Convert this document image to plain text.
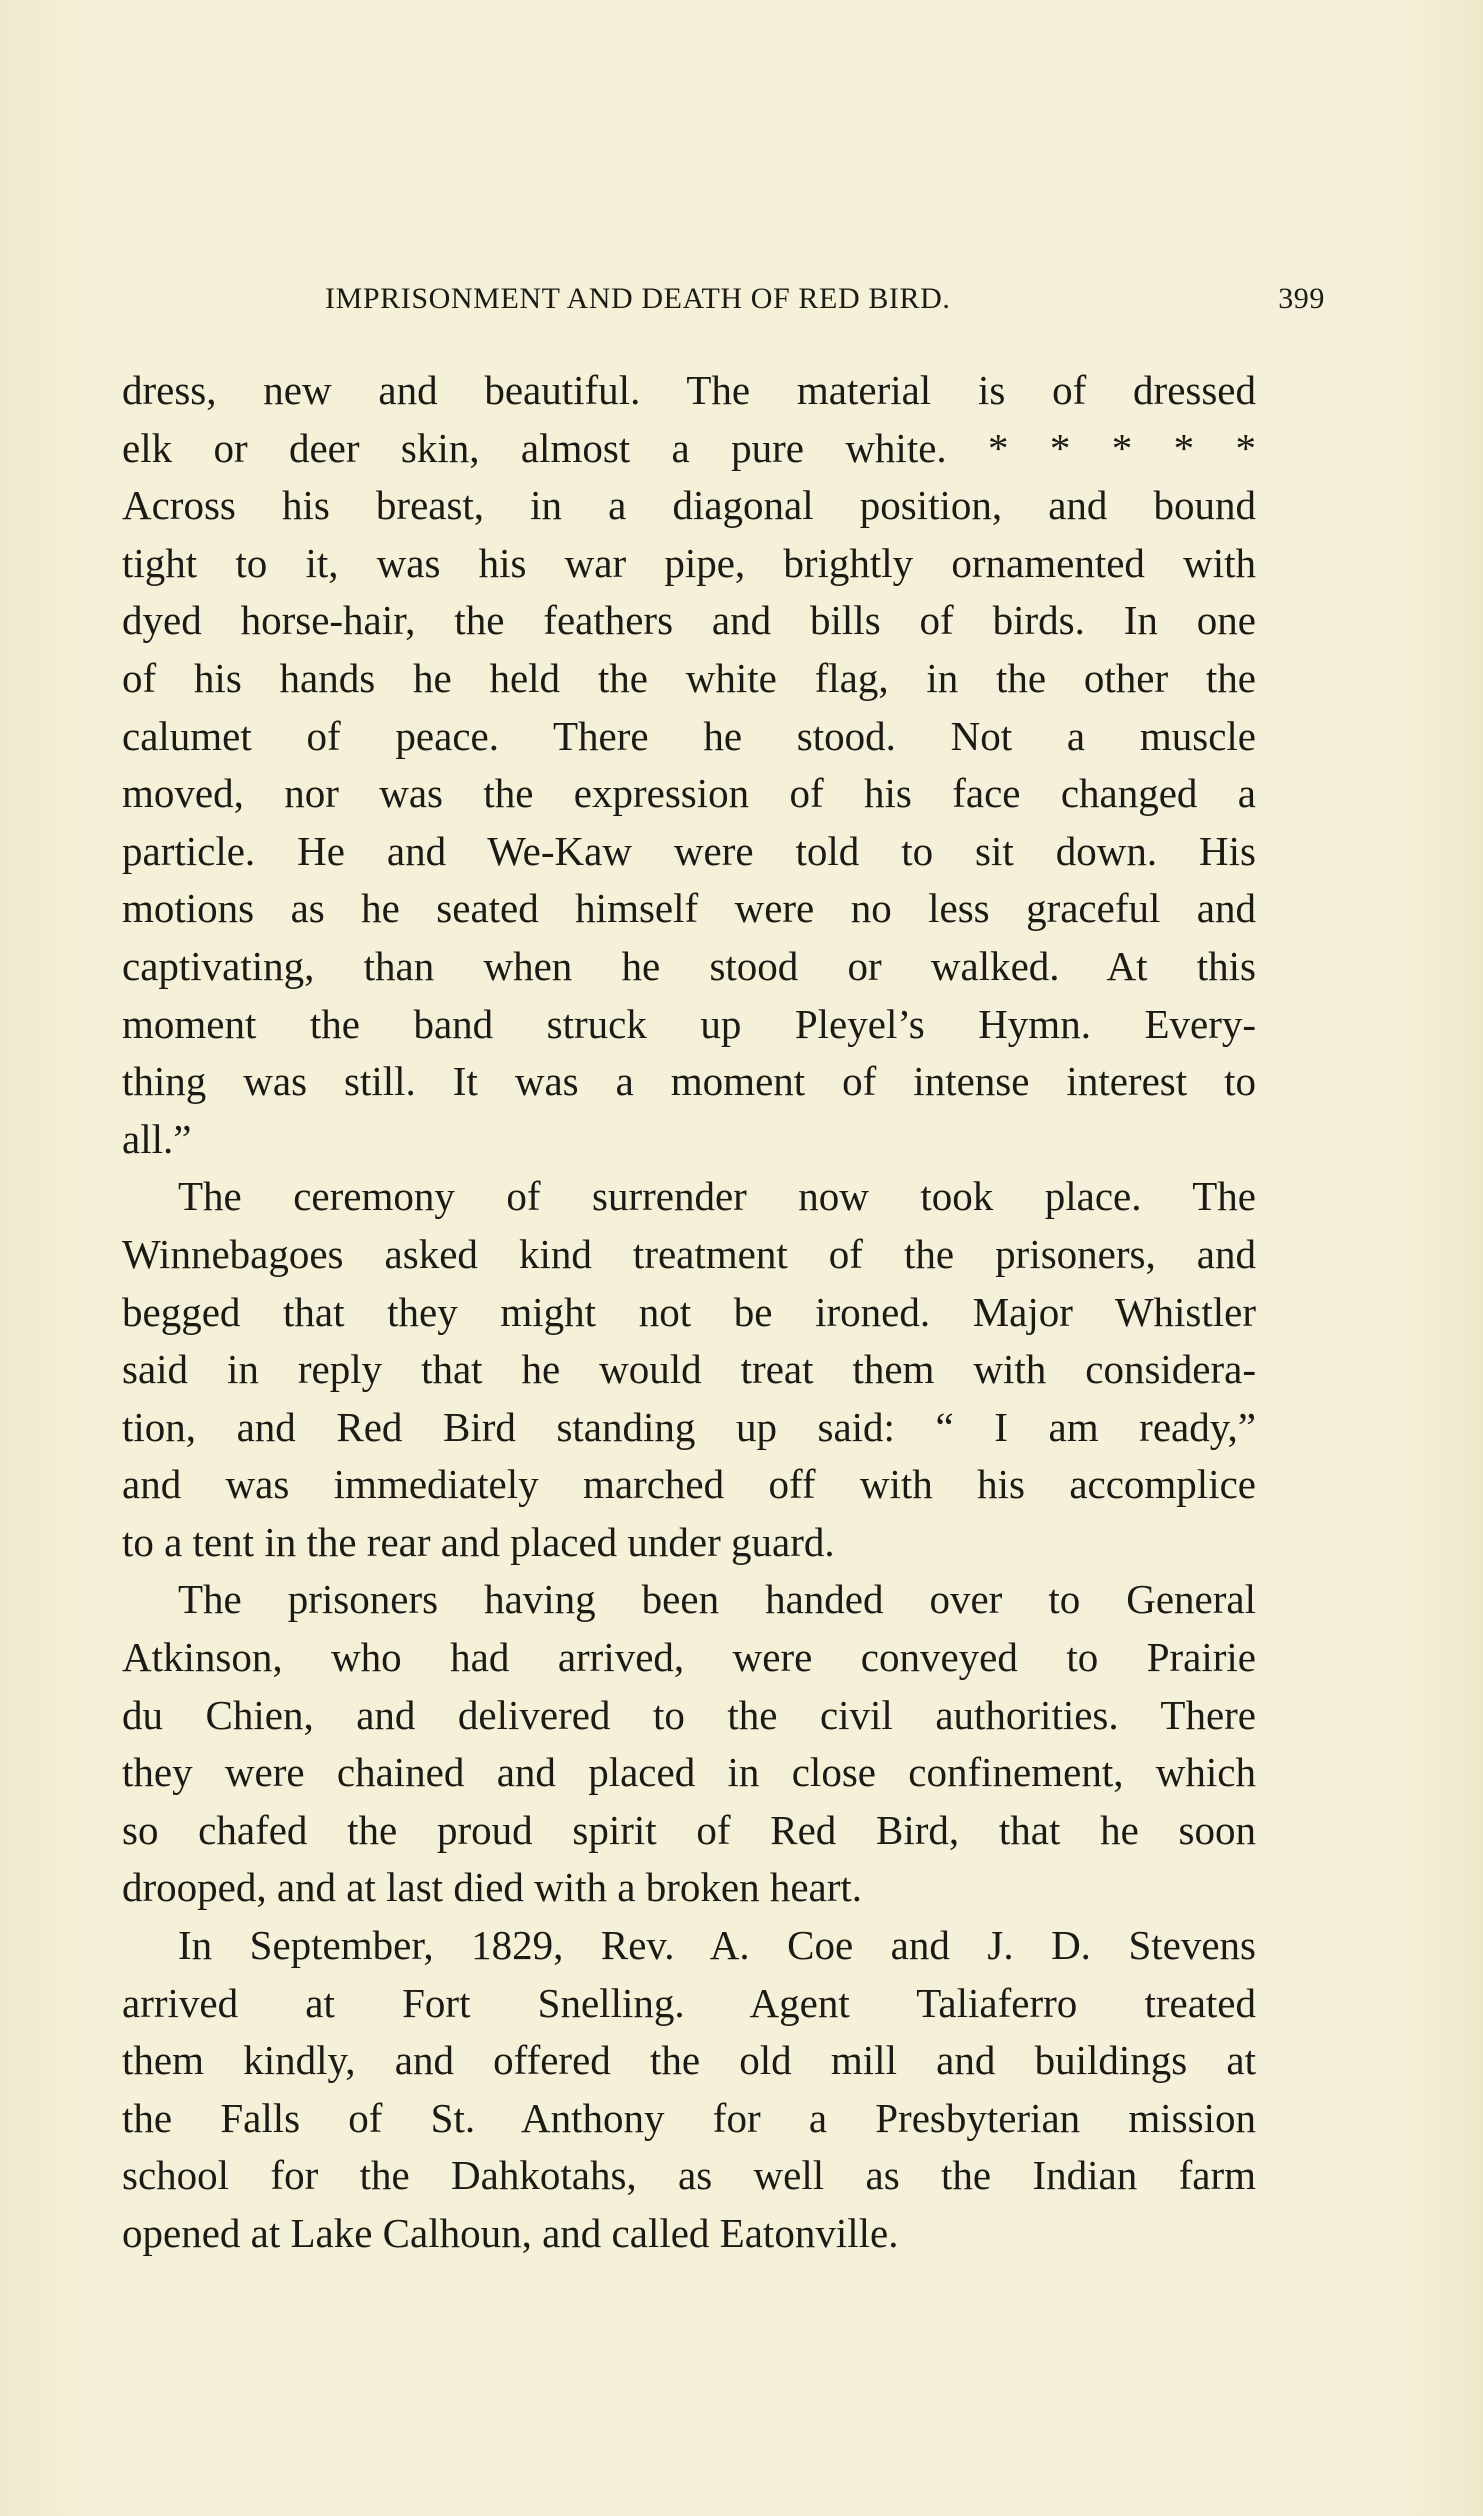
IMPRISONMENT AND DEATH OF RED BIRD.	399
dress, new and beautiful. The material is of dressed
elk or deer skin, almost a pure white. * * * * *
Across his breast, in a diagonal position, and bound
tight to it, was his war pipe, brightly ornamented with
dyed horse-hair, the feathers and bills of birds. In one
of his hands he held the white flag, in the other the
calumet of peace. There he stood. Not a muscle
moved, nor was the expression of his face changed a
particle. He and We-Kaw were told to sit down. His
motions as he seated himself were no less graceful and
captivating, than when he stood or walked. At this
moment the band struck up Pleyel’s Hymn. Every-
thing was still. It was a moment of intense interest to
all.”
The ceremony of surrender now took place. The
Winnebagoes asked kind treatment of the prisoners, and
begged that they might not be ironed. Major Whistler
said in reply that he would treat them with considera-
tion, and Red Bird standing up said: “ I am ready,”
and was immediately marched off with his accomplice
to a tent in the rear and placed under guard.
The prisoners having been handed over to General
Atkinson, who had arrived, were conveyed to Prairie
du Chien, and delivered to the civil authorities. There
they were chained and placed in close confinement, which
so chafed the proud spirit of Red Bird, that he soon
drooped, and at last died with a broken heart.
In September, 1829, Rev. A. Coe and J. D. Stevens
arrived at Fort Snelling. Agent Taliaferro treated
them kindly, and offered the old mill and buildings at
the Falls of St. Anthony for a Presbyterian mission
school for the Dahkotahs, as well as the Indian farm
opened at Lake Calhoun, and called Eatonville.
